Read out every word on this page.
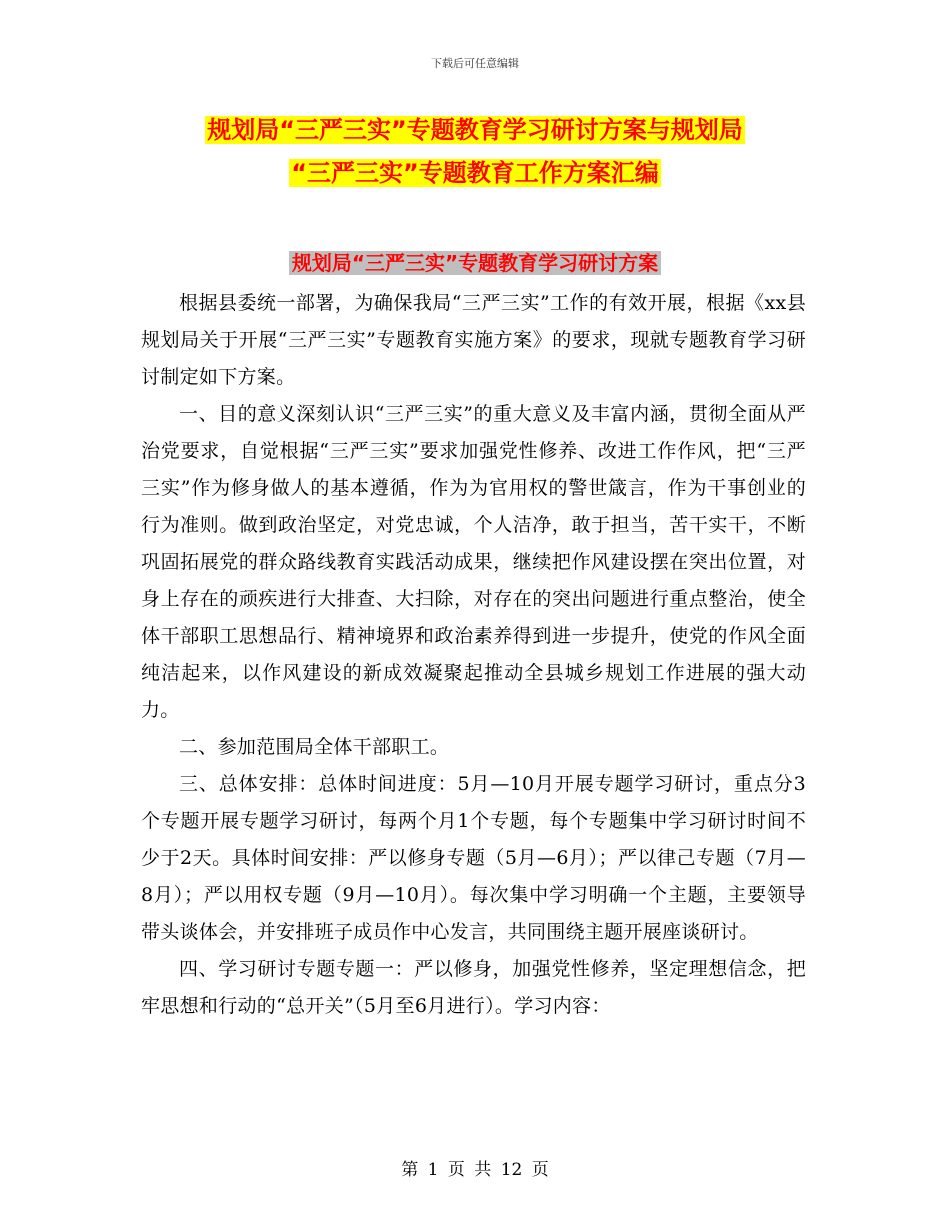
下载后可任意编辑
规划局“三严三实”专题教育学习研讨方案与规划局
“三严三实”专题教育工作方案汇编
规划局“三严三实”专题教育学习研讨方案

根据县委统一部署，为确保我局“三严三实”工作的有效开展，根据《xx县规划局关于开展“三严三实”专题教育实施方案》的要求，现就专题教育学习研讨制定如下方案。

一、目的意义深刻认识“三严三实”的重大意义及丰富内涵，贯彻全面从严治党要求，自觉根据“三严三实”要求加强党性修养、改进工作作风，把“三严三实”作为修身做人的基本遵循，作为为官用权的警世箴言，作为干事创业的行为准则。做到政治坚定，对党忠诚，个人洁净，敢于担当，苦干实干，不断巩固拓展党的群众路线教育实践活动成果，继续把作风建设摆在突出位置，对身上存在的顽疾进行大排查、大扫除，对存在的突出问题进行重点整治，使全体干部职工思想品行、精神境界和政治素养得到进一步提升，使党的作风全面纯洁起来，以作风建设的新成效凝聚起推动全县城乡规划工作进展的强大动力。

二、参加范围局全体干部职工。

三、总体安排：总体时间进度：5月—10月开展专题学习研讨，重点分3个专题开展专题学习研讨，每两个月1个专题，每个专题集中学习研讨时间不少于2天。具体时间安排：严以修身专题（5月—6月）；严以律己专题（7月—8月）；严以用权专题（9月—10月）。每次集中学习明确一个主题，主要领导带头谈体会，并安排班子成员作中心发言，共同围绕主题开展座谈研讨。

四、学习研讨专题专题一：严以修身，加强党性修养，坚定理想信念，把牢思想和行动的“总开关”（5月至6月进行）。学习内容：

第 1 页 共 12 页
